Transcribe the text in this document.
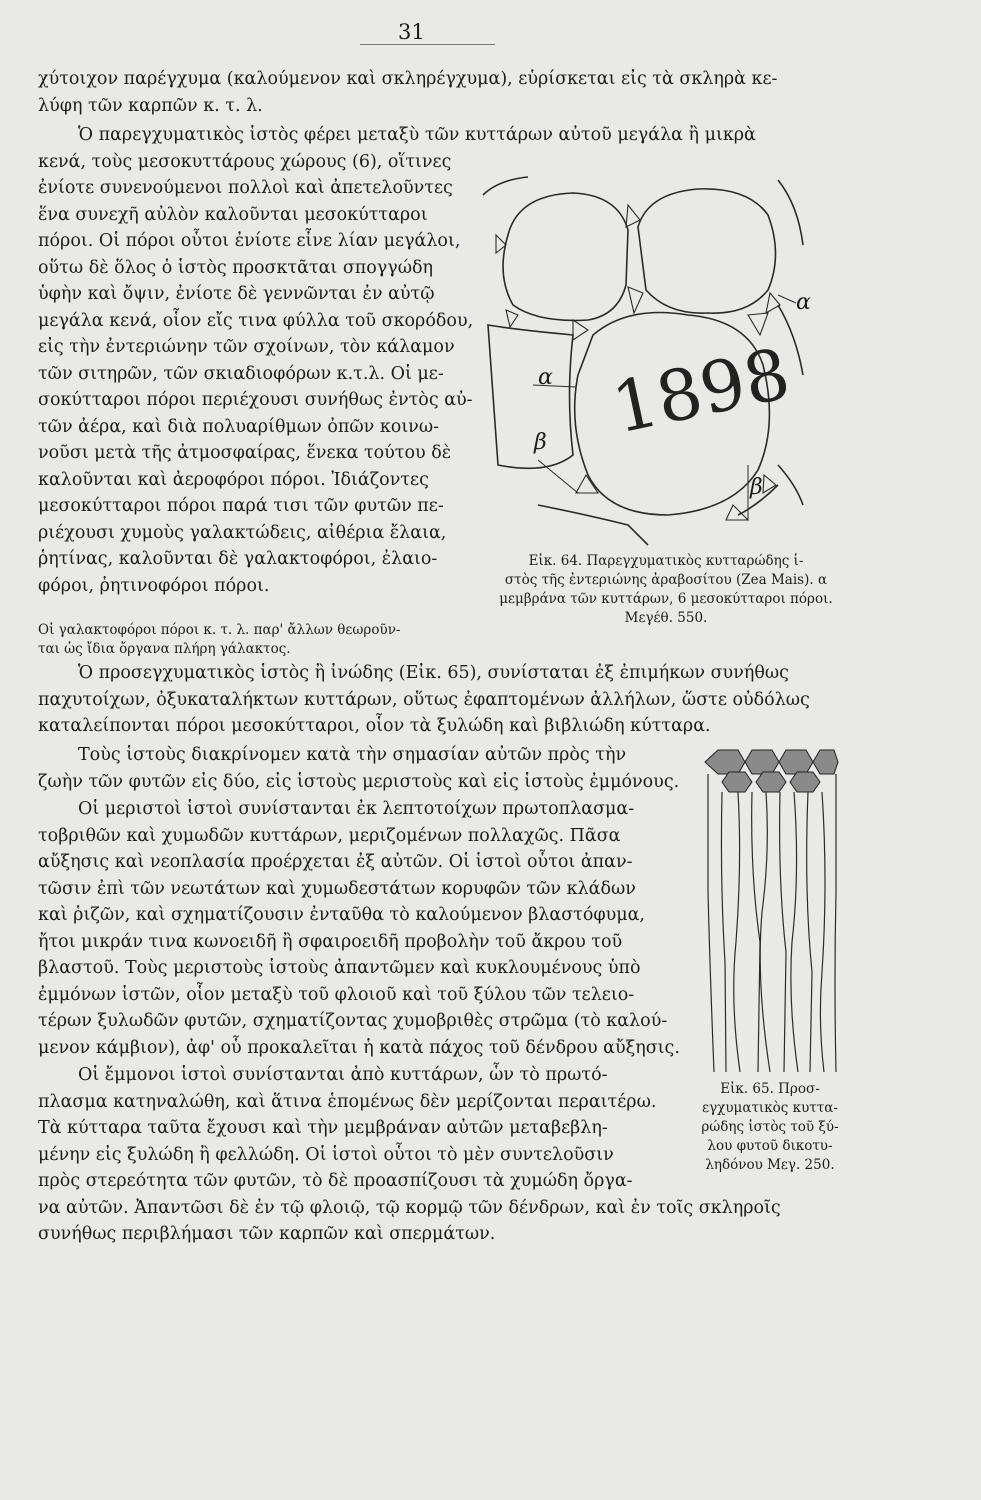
31

χύτοιχον παρέγχυμα (καλούμενον καὶ σκληρέγχυμα), εὑρίσκεται εἰς τὰ σκληρὰ κε-

λύφη τῶν καρπῶν κ. τ. λ.

Ὁ παρεγχυματικὸς ἱστὸς φέρει μεταξὺ τῶν κυττάρων αὐτοῦ μεγάλα ἢ μικρὰ

κενά, τοὺς μεσοκυττάρους χώρους (6), οἵτινες

ἐνίοτε συνενούμενοι πολλοὶ καὶ ἀπετελοῦντες

ἕνα συνεχῆ αὐλὸν καλοῦνται μεσοκύτταροι

πόροι. Οἱ πόροι οὗτοι ἐνίοτε εἶνε λίαν μεγάλοι,

οὕτω δὲ ὅλος ὁ ἱστὸς προσκτᾶται σπογγώδη

ὑφὴν καὶ ὄψιν, ἐνίοτε δὲ γεννῶνται ἐν αὐτῷ

μεγάλα κενά, οἷον εἴς τινα φύλλα τοῦ σκορόδου,

εἰς τὴν ἐντεριώνην τῶν σχοίνων, τὸν κάλαμον

τῶν σιτηρῶν, τῶν σκιαδιοφόρων κ.τ.λ. Οἱ με-

σοκύτταροι πόροι περιέχουσι συνήθως ἐντὸς αὐ-

τῶν ἀέρα, καὶ διὰ πολυαρίθμων ὀπῶν κοινω-

νοῦσι μετὰ τῆς ἀτμοσφαίρας, ἕνεκα τούτου δὲ

καλοῦνται καὶ ἀεροφόροι πόροι. Ἰδιάζοντες

μεσοκύτταροι πόροι παρά τισι τῶν φυτῶν πε-

ριέχουσι χυμοὺς γαλακτώδεις, αἰθέρια ἔλαια,

ῥητίνας, καλοῦνται δὲ γαλακτοφόροι, ἐλαιο-

φόροι, ῥητινοφόροι πόροι.

α
α
β
β
1898
Εἰκ. 64. Παρεγχυματικὸς κυτταρώδης ἱ-
στὸς τῆς ἐντεριώνης ἀραβοσίτου (Zea Mais). α
μεμβράνα τῶν κυττάρων, 6 μεσοκύτταροι πόροι.
Μεγέθ. 550.
Οἱ γαλακτοφόροι πόροι κ. τ. λ. παρ' ἄλλων θεωροῦν-
ται ὡς ἴδια ὄργανα πλήρη γάλακτος.

Ὁ προσεγχυματικὸς ἱστὸς ἢ ἰνώδης (Εἰκ. 65), συνίσταται ἐξ ἐπιμήκων συνήθως

παχυτοίχων, ὀξυκαταλήκτων κυττάρων, οὕτως ἐφαπτομένων ἀλλήλων, ὥστε οὐδόλως

καταλείπονται πόροι μεσοκύτταροι, οἷον τὰ ξυλώδη καὶ βιβλιώδη κύτταρα.

Τοὺς ἱστοὺς διακρίνομεν κατὰ τὴν σημασίαν αὐτῶν πρὸς τὴν

ζωὴν τῶν φυτῶν εἰς δύο, εἰς ἱστοὺς μεριστοὺς καὶ εἰς ἱστοὺς ἐμμόνους.

Οἱ μεριστοὶ ἱστοὶ συνίστανται ἐκ λεπτοτοίχων πρωτοπλασμα-

τοβριθῶν καὶ χυμωδῶν κυττάρων, μεριζομένων πολλαχῶς. Πᾶσα

αὔξησις καὶ νεοπλασία προέρχεται ἐξ αὐτῶν. Οἱ ἱστοὶ οὗτοι ἀπαν-

τῶσιν ἐπὶ τῶν νεωτάτων καὶ χυμωδεστάτων κορυφῶν τῶν κλάδων

καὶ ῥιζῶν, καὶ σχηματίζουσιν ἐνταῦθα τὸ καλούμενον βλαστόφυμα,

ἤτοι μικράν τινα κωνοειδῆ ἢ σφαιροειδῆ προβολὴν τοῦ ἄκρου τοῦ

βλαστοῦ. Τοὺς μεριστοὺς ἱστοὺς ἀπαντῶμεν καὶ κυκλουμένους ὑπὸ

ἐμμόνων ἱστῶν, οἷον μεταξὺ τοῦ φλοιοῦ καὶ τοῦ ξύλου τῶν τελειο-

τέρων ξυλωδῶν φυτῶν, σχηματίζοντας χυμοβριθὲς στρῶμα (τὸ καλού-

μενον κάμβιον), ἀφ' οὗ προκαλεῖται ἡ κατὰ πάχος τοῦ δένδρου αὔξησις.

Οἱ ἔμμονοι ἱστοὶ συνίστανται ἀπὸ κυττάρων, ὧν τὸ πρωτό-

πλασμα κατηναλώθη, καὶ ἅτινα ἑπομένως δὲν μερίζονται περαιτέρω.

Τὰ κύτταρα ταῦτα ἔχουσι καὶ τὴν μεμβράναν αὐτῶν μεταβεβλη-

μένην εἰς ξυλώδη ἢ φελλώδη. Οἱ ἱστοὶ οὗτοι τὸ μὲν συντελοῦσιν

πρὸς στερεότητα τῶν φυτῶν, τὸ δὲ προασπίζουσι τὰ χυμώδη ὄργα-

να αὐτῶν. Ἀπαντῶσι δὲ ἐν τῷ φλοιῷ, τῷ κορμῷ τῶν δένδρων, καὶ ἐν τοῖς σκληροῖς

συνήθως περιβλήμασι τῶν καρπῶν καὶ σπερμάτων.

Εἰκ. 65. Προσ-
εγχυματικὸς κυττα-
ρώδης ἱστὸς τοῦ ξύ-
λου φυτοῦ δικοτυ-
ληδόνου Μεγ. 250.
